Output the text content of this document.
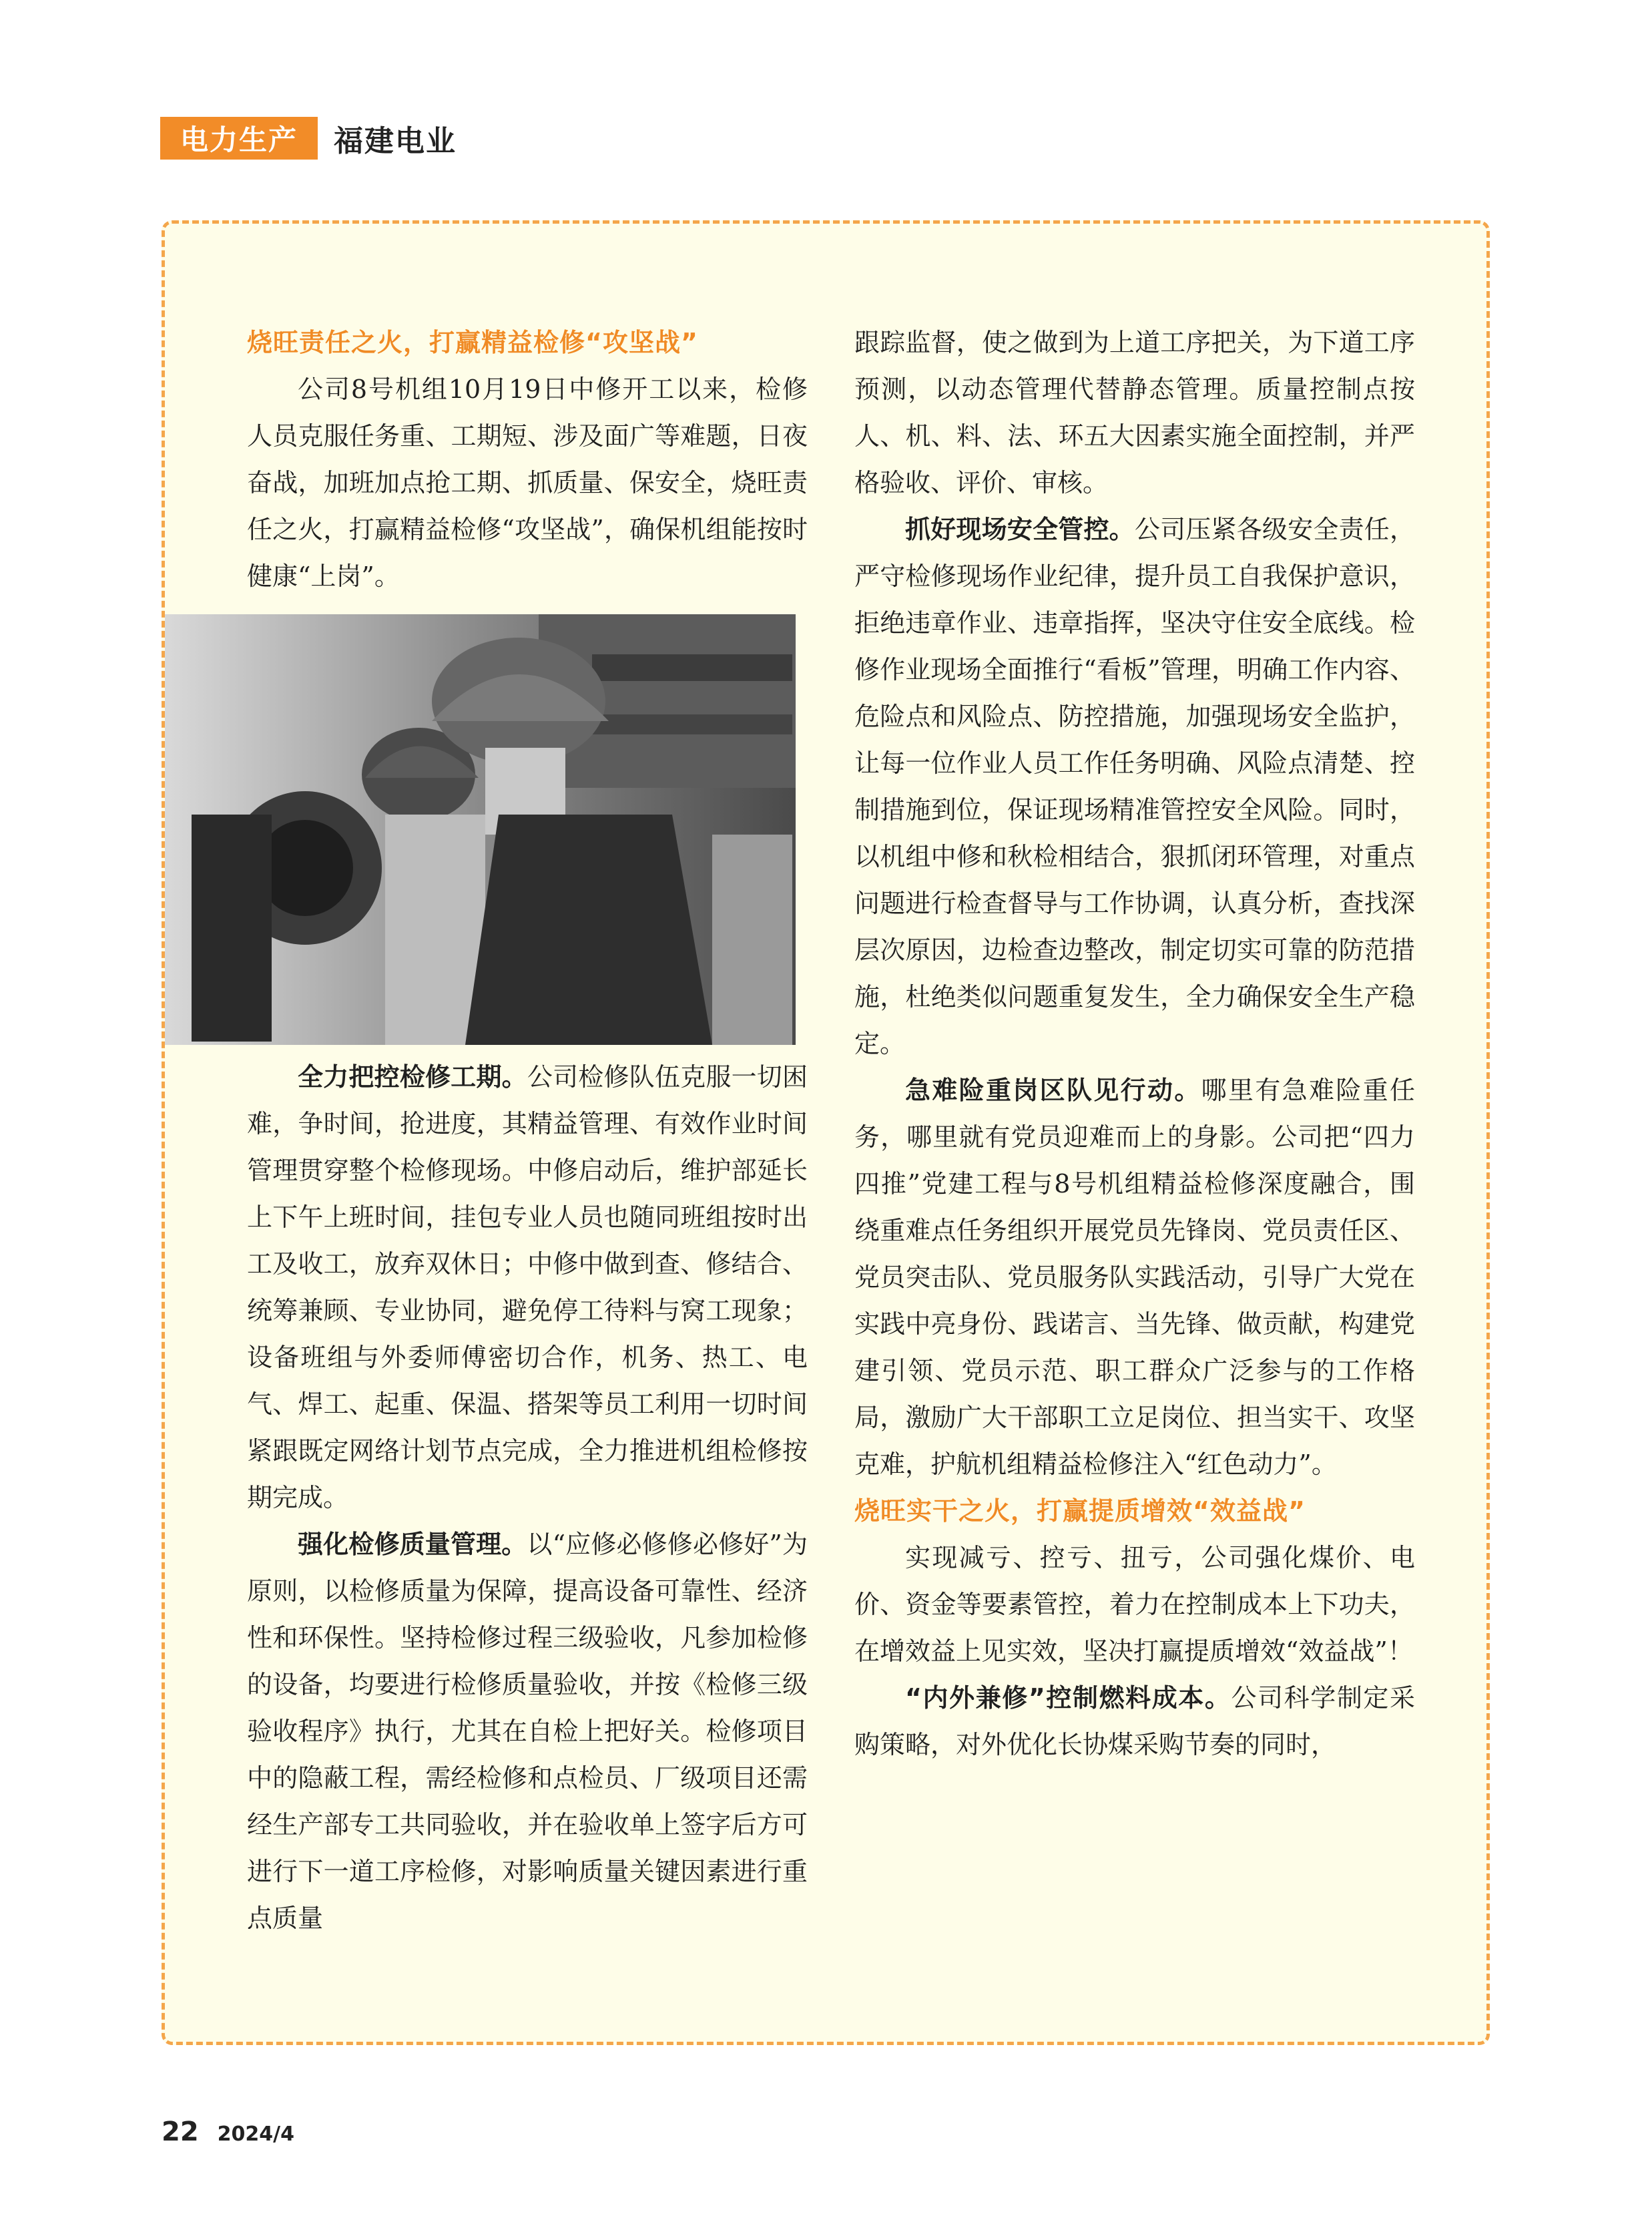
电力生产	福建电业

烧旺责任之火，打赢精益检修“攻坚战”

公司8号机组10月19日中修开工以来，检修人员克服任务重、工期短、涉及面广等难题，日夜奋战，加班加点抢工期、抓质量、保安全，烧旺责任之火，打赢精益检修“攻坚战”，确保机组能按时健康“上岗”。

全力把控检修工期。公司检修队伍克服一切困难，争时间，抢进度，其精益管理、有效作业时间管理贯穿整个检修现场。中修启动后，维护部延长上下午上班时间，挂包专业人员也随同班组按时出工及收工，放弃双休日；中修中做到查、修结合、统筹兼顾、专业协同，避免停工待料与窝工现象；设备班组与外委师傅密切合作，机务、热工、电气、焊工、起重、保温、搭架等员工利用一切时间紧跟既定网络计划节点完成，全力推进机组检修按期完成。

强化检修质量管理。以“应修必修修必修好”为原则，以检修质量为保障，提高设备可靠性、经济性和环保性。坚持检修过程三级验收，凡参加检修的设备，均要进行检修质量验收，并按《检修三级验收程序》执行，尤其在自检上把好关。检修项目中的隐蔽工程，需经检修和点检员、厂级项目还需经生产部专工共同验收，并在验收单上签字后方可进行下一道工序检修，对影响质量关键因素进行重点质量

跟踪监督，使之做到为上道工序把关，为下道工序预测，以动态管理代替静态管理。质量控制点按人、机、料、法、环五大因素实施全面控制，并严格验收、评价、审核。

抓好现场安全管控。公司压紧各级安全责任，严守检修现场作业纪律，提升员工自我保护意识，拒绝违章作业、违章指挥，坚决守住安全底线。检修作业现场全面推行“看板”管理，明确工作内容、危险点和风险点、防控措施，加强现场安全监护，让每一位作业人员工作任务明确、风险点清楚、控制措施到位，保证现场精准管控安全风险。同时，以机组中修和秋检相结合，狠抓闭环管理，对重点问题进行检查督导与工作协调，认真分析，查找深层次原因，边检查边整改，制定切实可靠的防范措施，杜绝类似问题重复发生，全力确保安全生产稳定。

急难险重岗区队见行动。哪里有急难险重任务，哪里就有党员迎难而上的身影。公司把“四力四推”党建工程与8号机组精益检修深度融合，围绕重难点任务组织开展党员先锋岗、党员责任区、党员突击队、党员服务队实践活动，引导广大党在实践中亮身份、践诺言、当先锋、做贡献，构建党建引领、党员示范、职工群众广泛参与的工作格局，激励广大干部职工立足岗位、担当实干、攻坚克难，护航机组精益检修注入“红色动力”。

烧旺实干之火，打赢提质增效“效益战”

实现减亏、控亏、扭亏，公司强化煤价、电价、资金等要素管控，着力在控制成本上下功夫，在增效益上见实效，坚决打赢提质增效“效益战”！

“内外兼修”控制燃料成本。公司科学制定采购策略，对外优化长协煤采购节奏的同时，

22 2024/4
